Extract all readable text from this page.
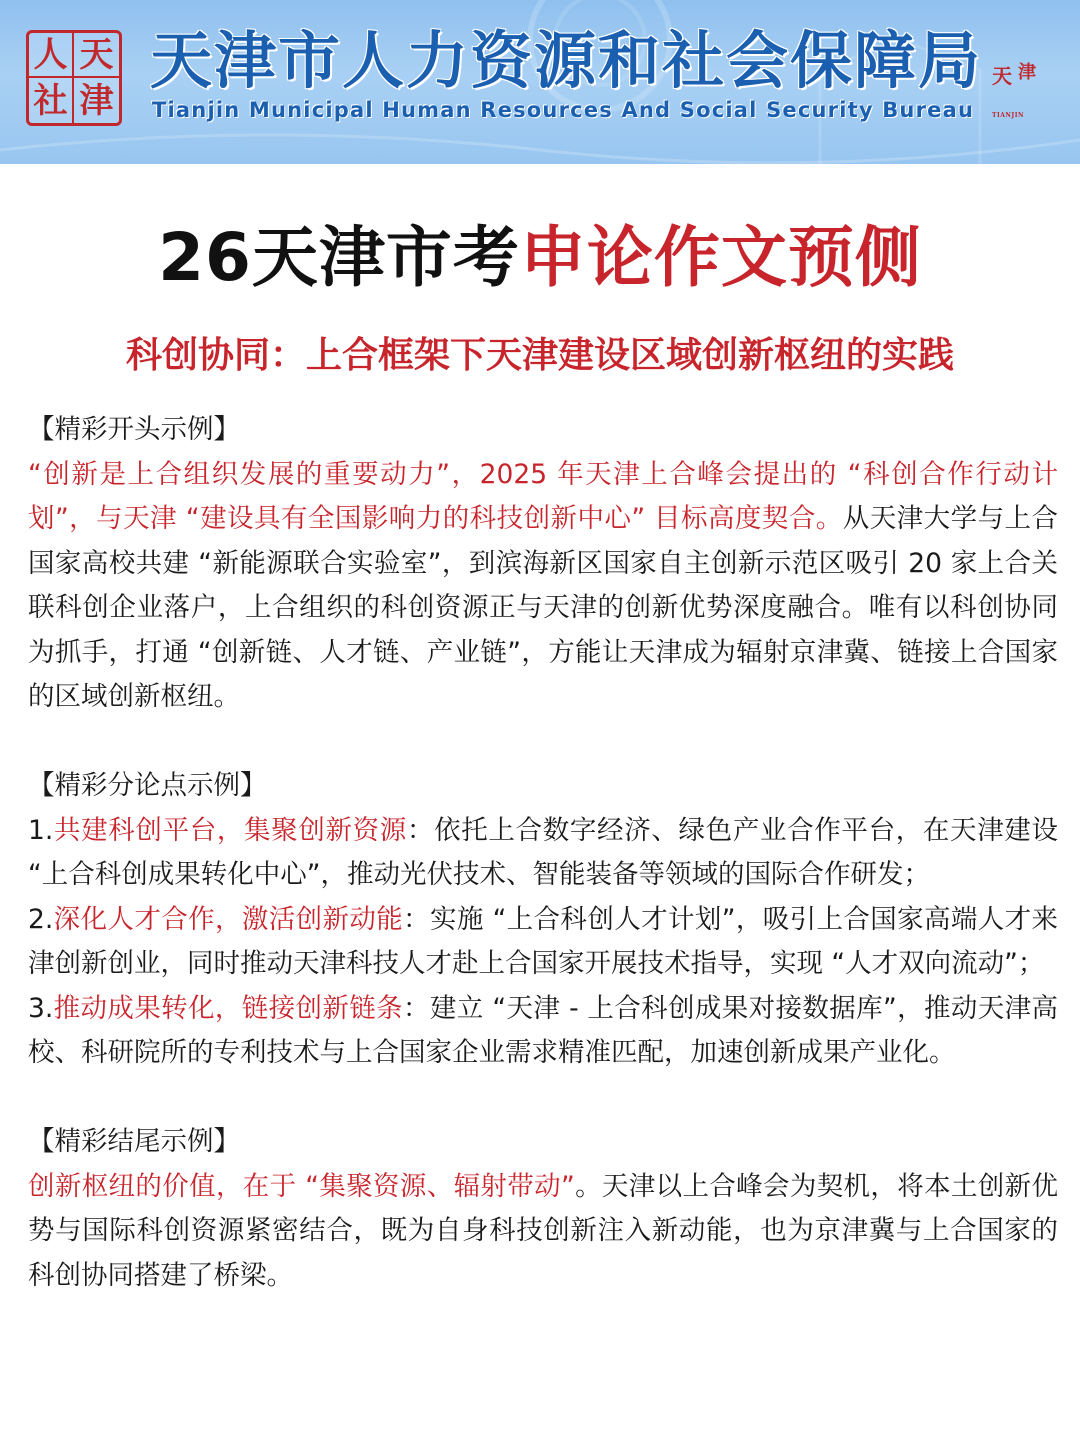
人 天
社 津
天津市人力资源和社会保障局
Tianjin Municipal Human Resources And Social Security Bureau
天 津
TIANJIN
26天津市考申论作文预侧
科创协同：上合框架下天津建设区域创新枢纽的实践

【精彩开头示例】

“创新是上合组织发展的重要动力”，2025 年天津上合峰会提出的 “科创合作行动计划”，与天津 “建设具有全国影响力的科技创新中心” 目标高度契合。从天津大学与上合国家高校共建 “新能源联合实验室”，到滨海新区国家自主创新示范区吸引 20 家上合关联科创企业落户，上合组织的科创资源正与天津的创新优势深度融合。唯有以科创协同为抓手，打通 “创新链、人才链、产业链”，方能让天津成为辐射京津冀、链接上合国家的区域创新枢纽。

【精彩分论点示例】

1.共建科创平台，集聚创新资源：依托上合数字经济、绿色产业合作平台，在天津建设 “上合科创成果转化中心”，推动光伏技术、智能装备等领域的国际合作研发；

2.深化人才合作，激活创新动能：实施 “上合科创人才计划”，吸引上合国家高端人才来津创新创业，同时推动天津科技人才赴上合国家开展技术指导，实现 “人才双向流动”；

3.推动成果转化，链接创新链条：建立 “天津 - 上合科创成果对接数据库”，推动天津高校、科研院所的专利技术与上合国家企业需求精准匹配，加速创新成果产业化。

【精彩结尾示例】

创新枢纽的价值，在于 “集聚资源、辐射带动”。天津以上合峰会为契机，将本土创新优势与国际科创资源紧密结合，既为自身科技创新注入新动能，也为京津冀与上合国家的科创协同搭建了桥梁。
